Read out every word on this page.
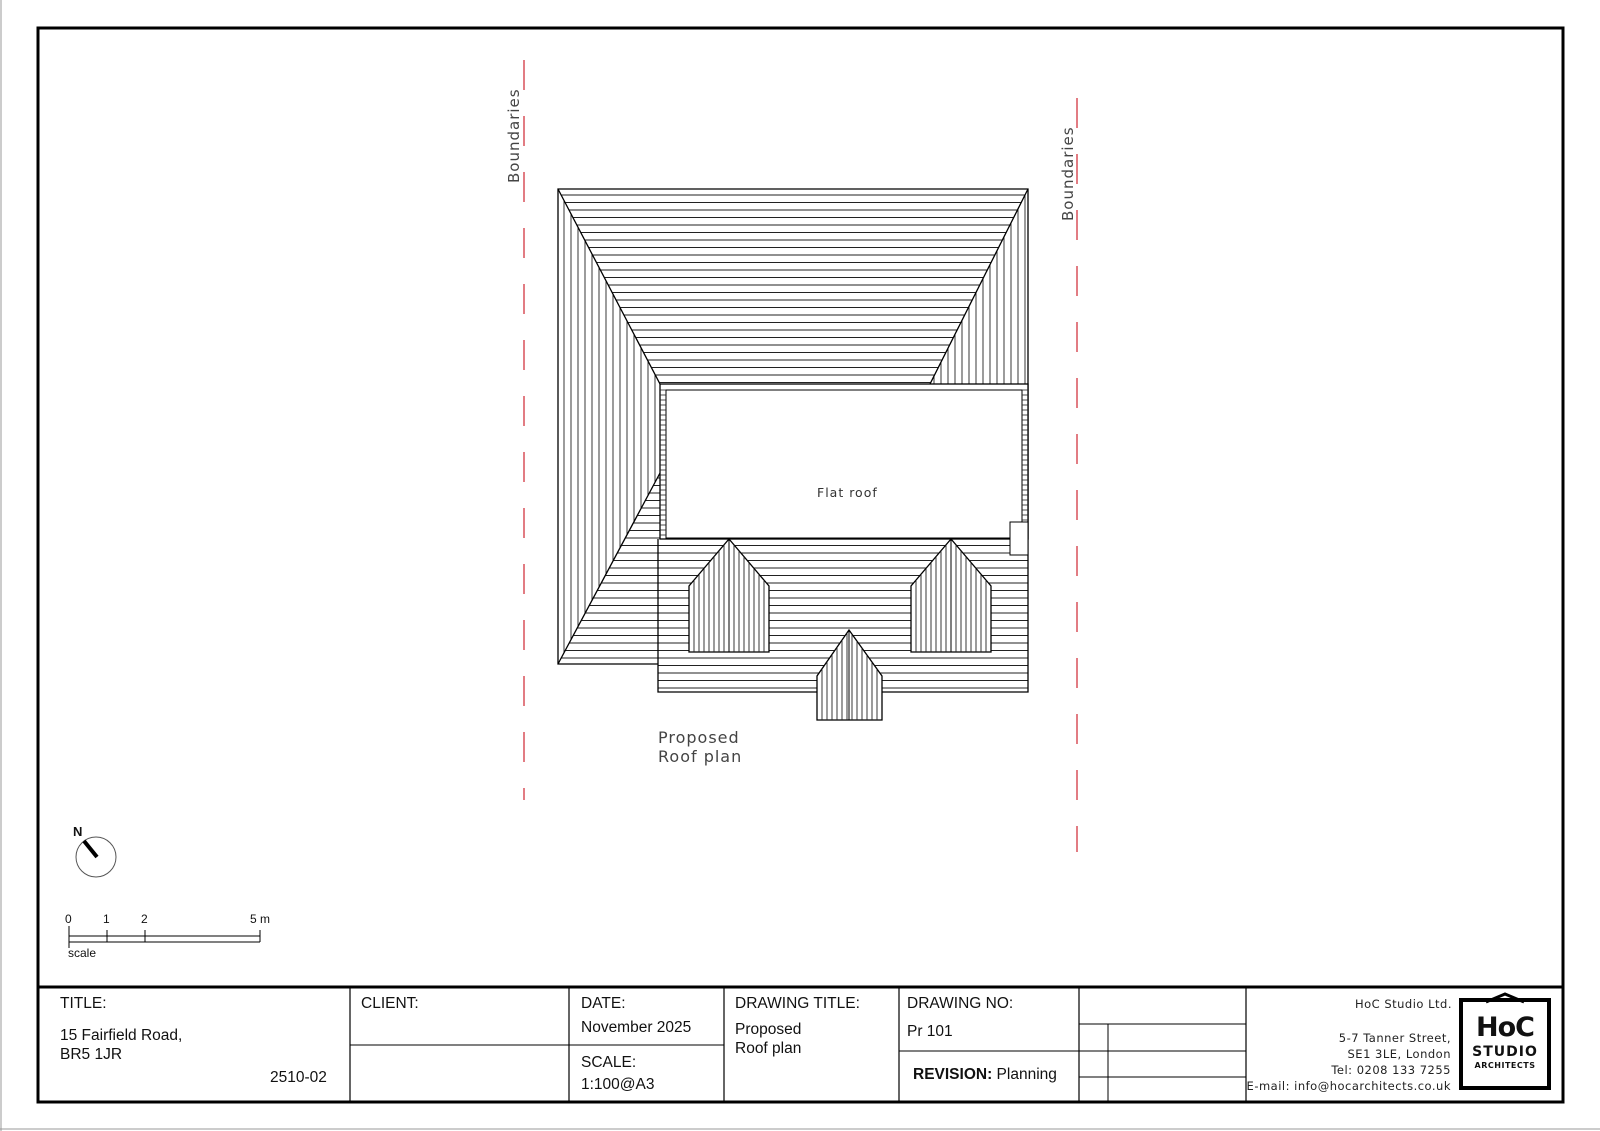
Boundaries	Boundaries
Flat roof
Proposed
Roof plan
N
0	1	2	5 m
scale
TITLE:
15 Fairfield Road,
BR5 1JR
2510-02
CLIENT:	DATE:
November 2025
SCALE:
1:100@A3
DRAWING TITLE:
Proposed
Roof plan
DRAWING NO:
Pr 101
REVISION: Planning
HoC Studio Ltd.
5-7 Tanner Street,
SE1 3LE, London
Tel: 0208 133 7255
E-mail: info@hocarchitects.co.uk
HoC
STUDIO
ARCHITECTS
